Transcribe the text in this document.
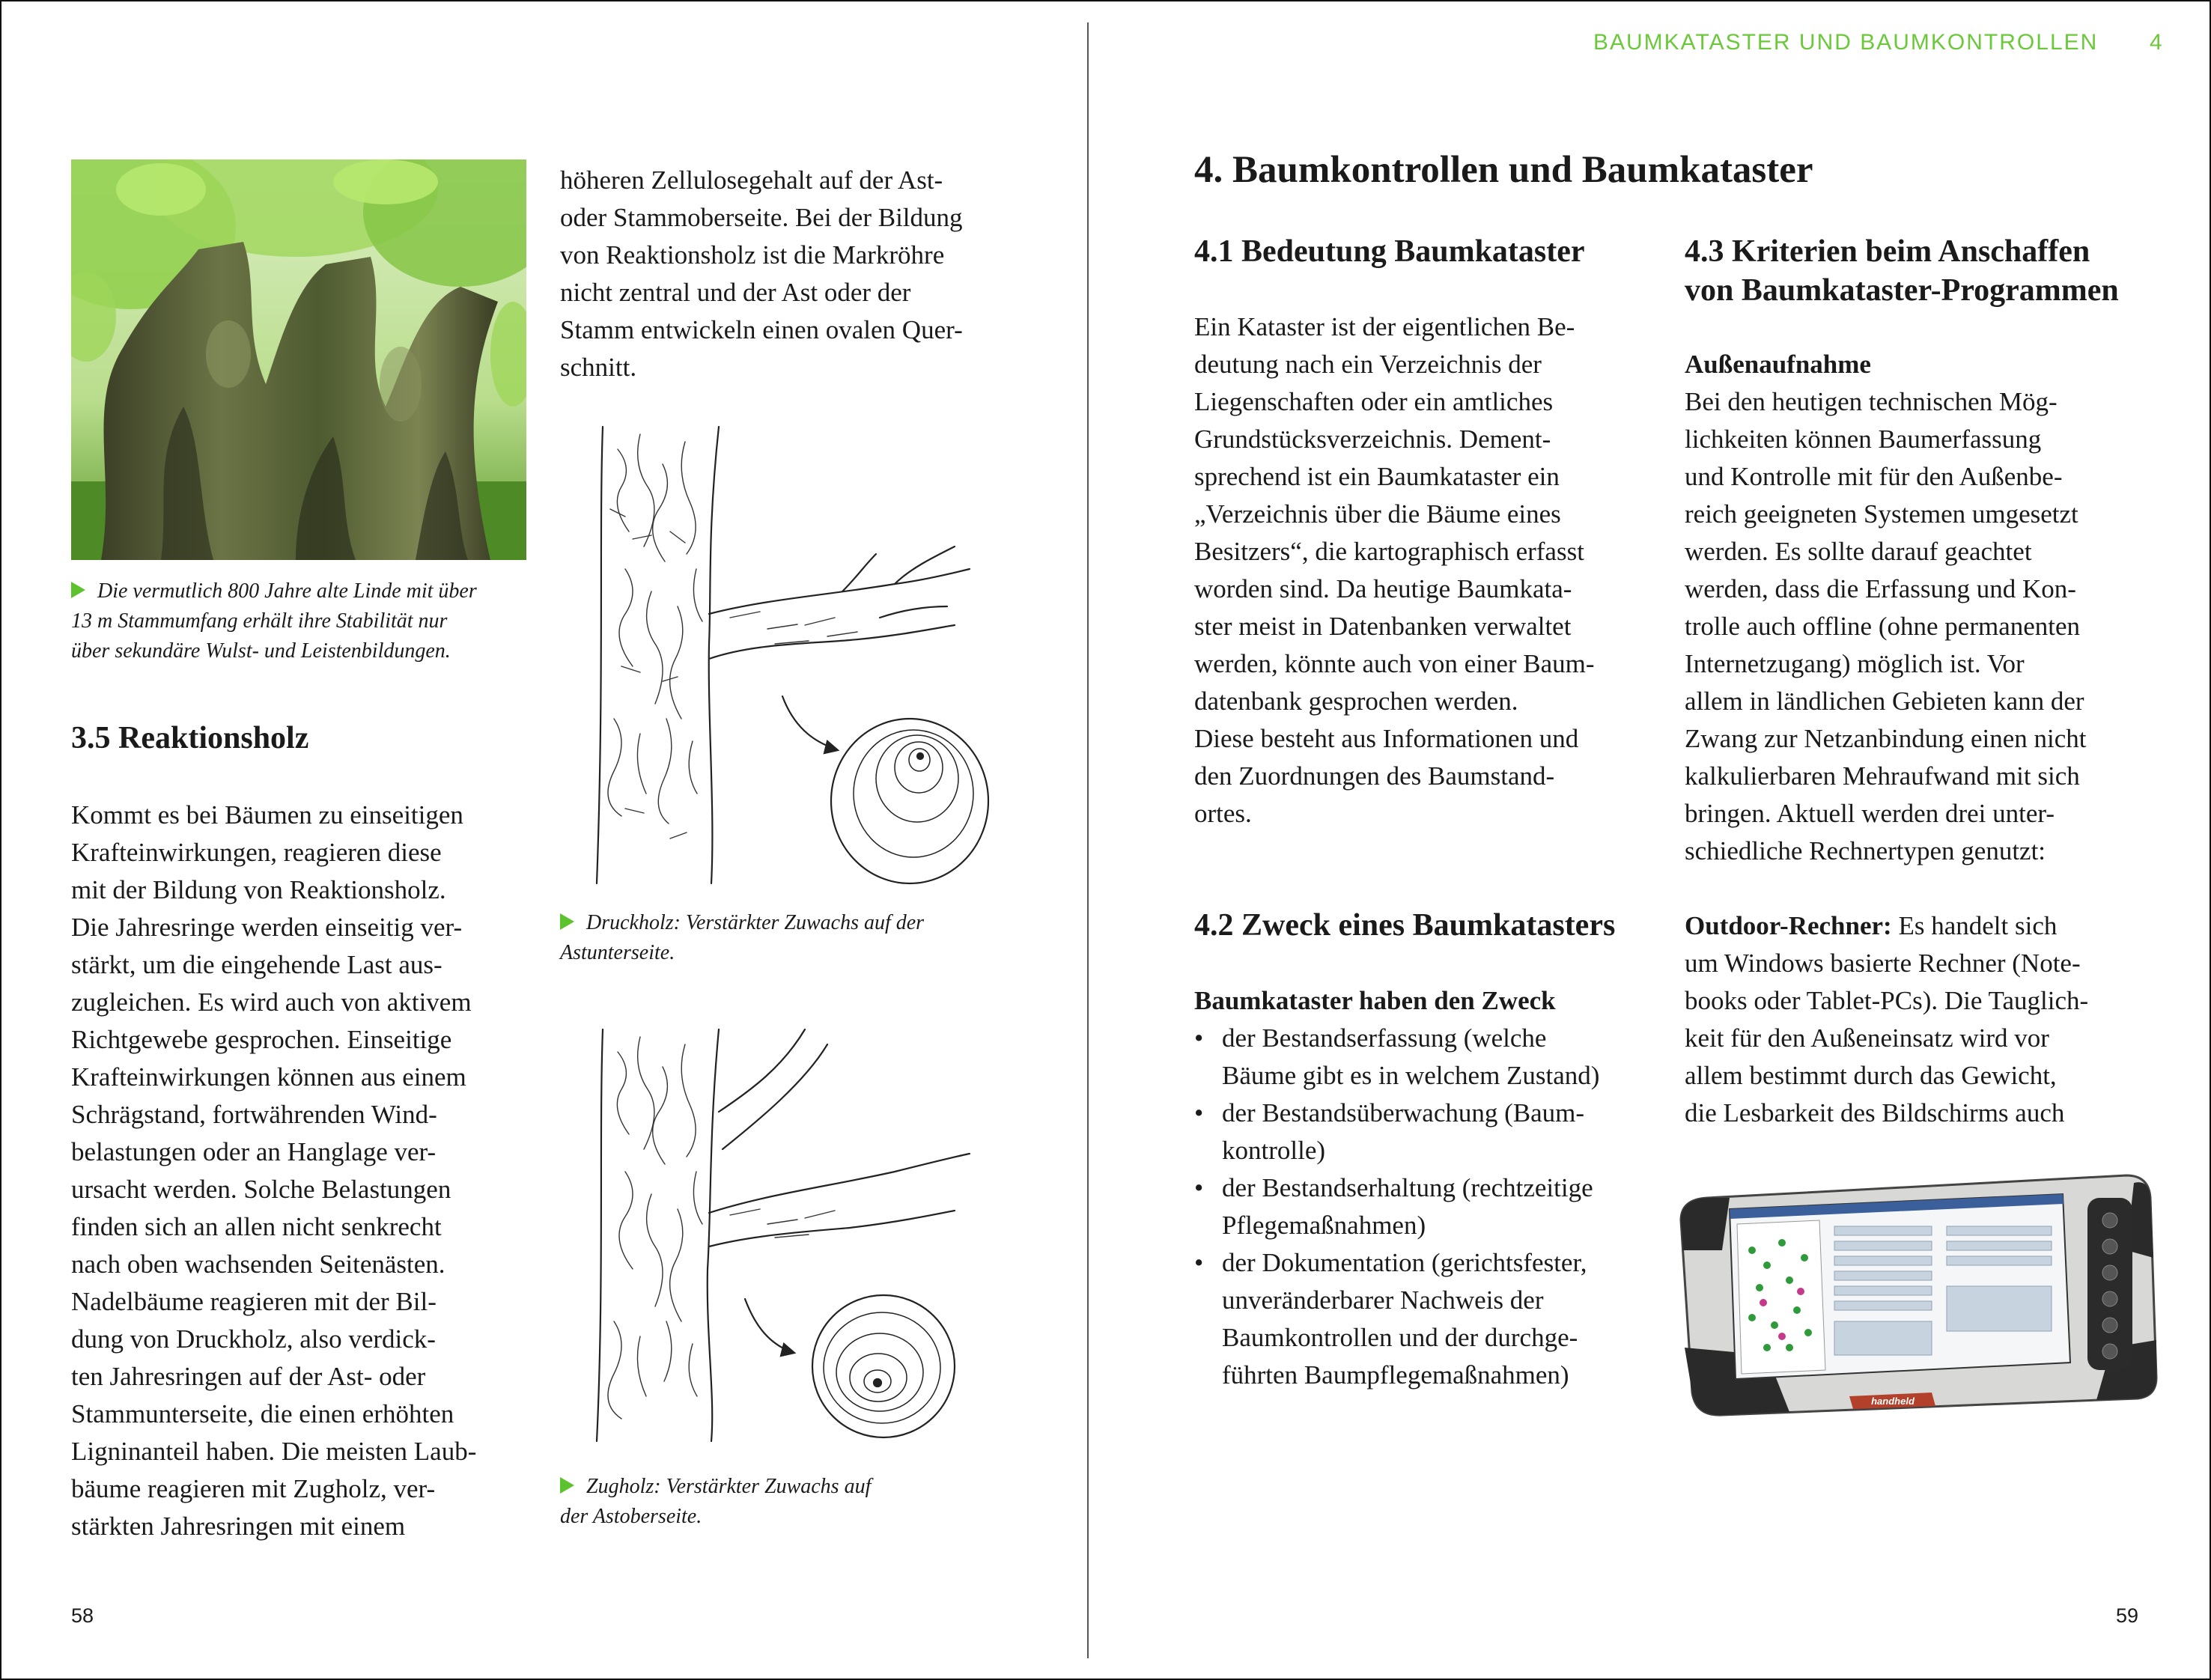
BAUMKATASTER UND BAUMKONTROLLEN 4
Die vermutlich 800 Jahre alte Linde mit über
13 m Stammumfang erhält ihre Stabilität nur
über sekundäre Wulst- und Leistenbildungen.
3.5 Reaktionsholz
Kommt es bei Bäumen zu einseitigen
Krafteinwirkungen, reagieren diese
mit der Bildung von Reaktionsholz.
Die Jahresringe werden einseitig ver-
stärkt, um die eingehende Last aus-
zugleichen. Es wird auch von aktivem
Richtgewebe gesprochen. Einseitige
Krafteinwirkungen können aus einem
Schrägstand, fortwährenden Wind-
belastungen oder an Hanglage ver-
ursacht werden. Solche Belastungen
finden sich an allen nicht senkrecht
nach oben wachsenden Seitenästen.
Nadelbäume reagieren mit der Bil-
dung von Druckholz, also verdick-
ten Jahresringen auf der Ast- oder
Stammunterseite, die einen erhöhten
Ligninanteil haben. Die meisten Laub-
bäume reagieren mit Zugholz, ver-
stärkten Jahresringen mit einem
höheren Zellulosegehalt auf der Ast-
oder Stammoberseite. Bei der Bildung
von Reaktionsholz ist die Markröhre
nicht zentral und der Ast oder der
Stamm entwickeln einen ovalen Quer-
schnitt.
Druckholz: Verstärkter Zuwachs auf der
Astunterseite.
Zugholz: Verstärkter Zuwachs auf
der Astoberseite.
58
4. Baumkontrollen und Baumkataster
4.1 Bedeutung Baumkataster
Ein Kataster ist der eigentlichen Be-
deutung nach ein Verzeichnis der
Liegenschaften oder ein amtliches
Grundstücksverzeichnis. Dement-
sprechend ist ein Baumkataster ein
„Verzeichnis über die Bäume eines
Besitzers“, die kartographisch erfasst
worden sind. Da heutige Baumkata-
ster meist in Datenbanken verwaltet
werden, könnte auch von einer Baum-
datenbank gesprochen werden.
Diese besteht aus Informationen und
den Zuordnungen des Baumstand-
ortes.
4.2 Zweck eines Baumkatasters
Baumkataster haben den Zweck
• der Bestandserfassung (welche
Bäume gibt es in welchem Zustand)
• der Bestandsüberwachung (Baum-
kontrolle)
• der Bestandserhaltung (rechtzeitige
Pflegemaßnahmen)
• der Dokumentation (gerichtsfester,
unveränderbarer Nachweis der
Baumkontrollen und der durchge-
führten Baumpflegemaßnahmen)
4.3 Kriterien beim Anschaffen
von Baumkataster-Programmen
Außenaufnahme
Bei den heutigen technischen Mög-
lichkeiten können Baumerfassung
und Kontrolle mit für den Außenbe-
reich geeigneten Systemen umgesetzt
werden. Es sollte darauf geachtet
werden, dass die Erfassung und Kon-
trolle auch offline (ohne permanenten
Internetzugang) möglich ist. Vor
allem in ländlichen Gebieten kann der
Zwang zur Netzanbindung einen nicht
kalkulierbaren Mehraufwand mit sich
bringen. Aktuell werden drei unter-
schiedliche Rechnertypen genutzt:
Outdoor-Rechner: Es handelt sich
um Windows basierte Rechner (Note-
books oder Tablet-PCs). Die Tauglich-
keit für den Außeneinsatz wird vor
allem bestimmt durch das Gewicht,
die Lesbarkeit des Bildschirms auch
handheld
59
